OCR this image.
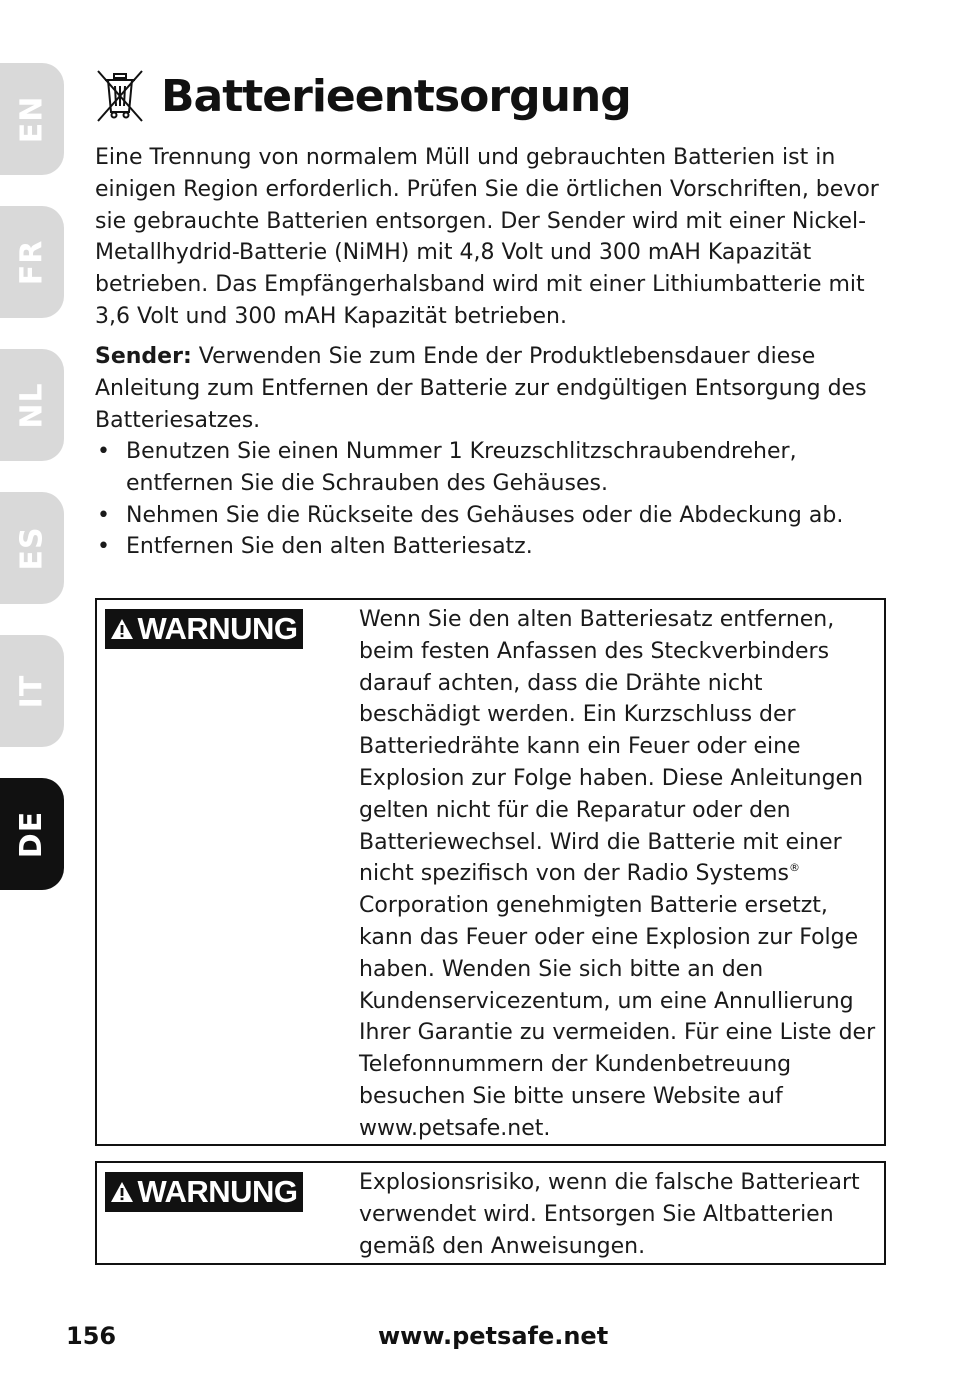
EN
FR
NL
ES
IT
DE
Batterieentsorgung
Eine Trennung von normalem Müll und gebrauchten Batterien ist in einigen Region erforderlich. Prüfen Sie die örtlichen Vorschriften, bevor sie gebrauchte Batterien entsorgen. Der Sender wird mit einer Nickel-Metallhydrid-Batterie (NiMH) mit 4,8 Volt und 300 mAH Kapazität betrieben. Das Empfängerhalsband wird mit einer Lithiumbatterie mit 3,6 Volt und 300 mAH Kapazität betrieben.
Sender: Verwenden Sie zum Ende der Produktlebensdauer diese Anleitung zum Entfernen der Batterie zur endgültigen Entsorgung des Batteriesatzes.
• Benutzen Sie einen Nummer 1 Kreuzschlitzschraubendreher, entfernen Sie die Schrauben des Gehäuses.
• Nehmen Sie die Rückseite des Gehäuses oder die Abdeckung ab.
• Entfernen Sie den alten Batteriesatz.
WARNUNG	Wenn Sie den alten Batteriesatz entfernen, beim festen Anfassen des Steckverbinders darauf achten, dass die Drähte nicht beschädigt werden. Ein Kurzschluss der Batteriedrähte kann ein Feuer oder eine Explosion zur Folge haben. Diese Anleitungen gelten nicht für die Reparatur oder den Batteriewechsel. Wird die Batterie mit einer nicht spezifisch von der Radio Systems® Corporation genehmigten Batterie ersetzt, kann das Feuer oder eine Explosion zur Folge haben. Wenden Sie sich bitte an den Kundenservicezentum, um eine Annullierung Ihrer Garantie zu vermeiden. Für eine Liste der Telefonnummern der Kundenbetreuung besuchen Sie bitte unsere Website auf www.petsafe.net.
WARNUNG	Explosionsrisiko, wenn die falsche Batterieart verwendet wird. Entsorgen Sie Altbatterien gemäß den Anweisungen.
156	www.petsafe.net
